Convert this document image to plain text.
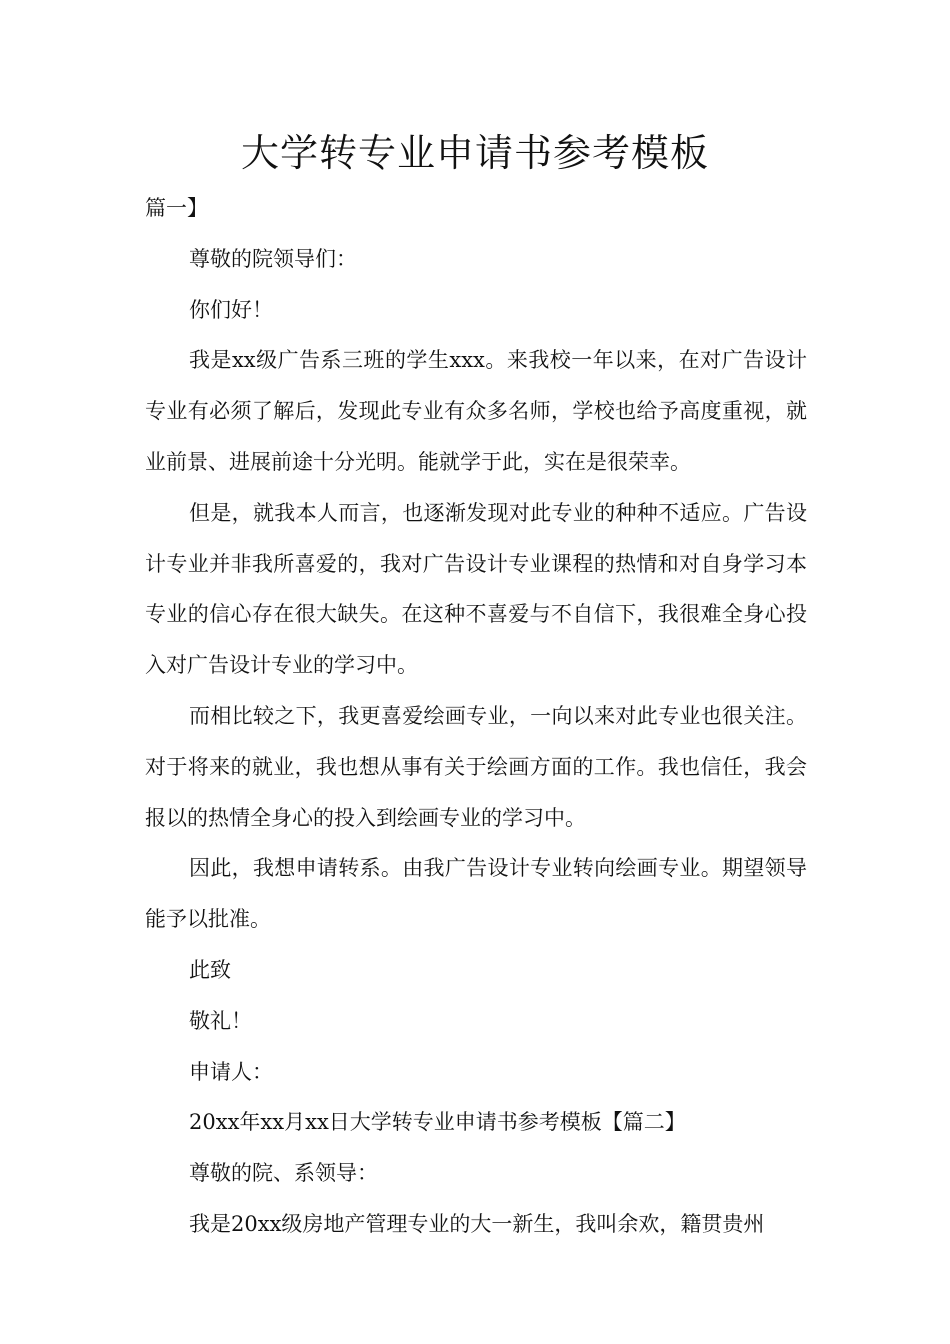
大学转专业申请书参考模板

篇一】

尊敬的院领导们：

你们好！

我是xx级广告系三班的学生xxx。来我校一年以来，在对广告设计专业有必须了解后，发现此专业有众多名师，学校也给予高度重视，就业前景、进展前途十分光明。能就学于此，实在是很荣幸。

但是，就我本人而言，也逐渐发现对此专业的种种不适应。广告设计专业并非我所喜爱的，我对广告设计专业课程的热情和对自身学习本专业的信心存在很大缺失。在这种不喜爱与不自信下，我很难全身心投入对广告设计专业的学习中。

而相比较之下，我更喜爱绘画专业，一向以来对此专业也很关注。对于将来的就业，我也想从事有关于绘画方面的工作。我也信任，我会报以的热情全身心的投入到绘画专业的学习中。

因此，我想申请转系。由我广告设计专业转向绘画专业。期望领导能予以批准。

此致

敬礼！

申请人：

20xx年xx月xx日大学转专业申请书参考模板【篇二】

尊敬的院、系领导：

我是20xx级房地产管理专业的大一新生，我叫余欢，籍贯贵州
